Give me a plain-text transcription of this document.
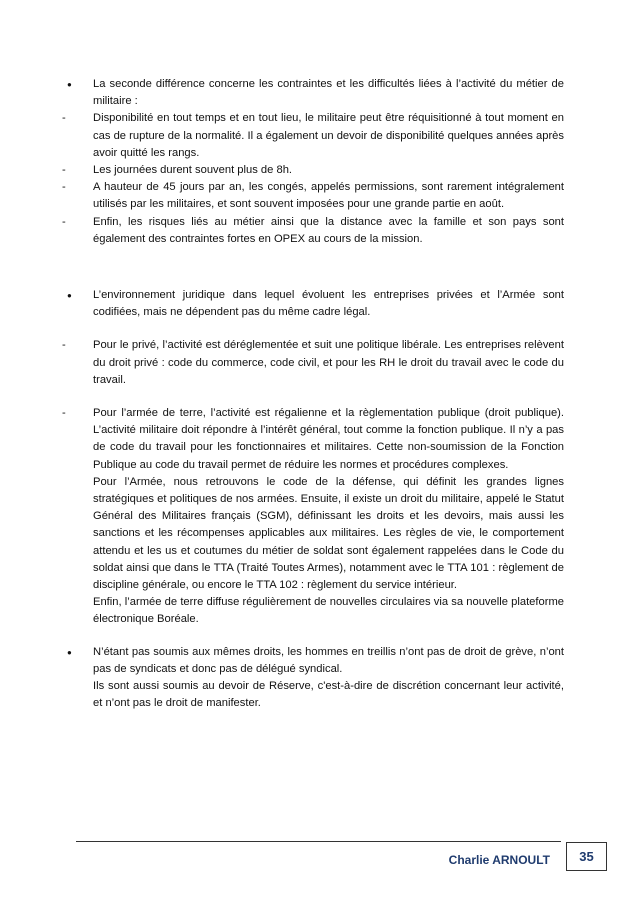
●
La seconde différence concerne les contraintes et les difficultés liées à l’activité du métier de militaire :
-	Disponibilité en tout temps et en tout lieu, le militaire peut être réquisitionné à tout moment en cas de rupture de la normalité. Il a également un devoir de disponibilité quelques années après avoir quitté les rangs.
-	Les journées durent souvent plus de 8h.
-	A hauteur de 45 jours par an, les congés, appelés permissions, sont rarement intégralement utilisés par les militaires, et sont souvent imposées pour une grande partie en août.
-	Enfin, les risques liés au métier ainsi que la distance avec la famille et son pays sont également des contraintes fortes en OPEX au cours de la mission.
●
L’environnement juridique dans lequel évoluent les entreprises privées et l’Armée sont codifiées, mais ne dépendent pas du même cadre légal.
-	Pour le privé, l’activité est déréglementée et suit une politique libérale. Les entreprises relèvent du droit privé : code du commerce, code civil, et pour les RH le droit du travail avec le code du travail.
-	Pour l’armée de terre, l’activité est régalienne et la règlementation publique (droit publique). L’activité militaire doit répondre à l’intérêt général, tout comme la fonction publique. Il n’y a pas de code du travail pour les fonctionnaires et militaires. Cette non-soumission de la Fonction Publique au code du travail permet de réduire les normes et procédures complexes.

Pour l’Armée, nous retrouvons le code de la défense, qui définit les grandes lignes stratégiques et politiques de nos armées. Ensuite, il existe un droit du militaire, appelé le Statut Général des Militaires français (SGM), définissant les droits et les devoirs, mais aussi les sanctions et les récompenses applicables aux militaires. Les règles de vie, le comportement attendu et les us et coutumes du métier de soldat sont également rappelées dans le Code du soldat ainsi que dans le TTA (Traité Toutes Armes), notamment avec le TTA 101 : règlement de discipline générale, ou encore le TTA 102 : règlement du service intérieur.

Enfin, l’armée de terre diffuse régulièrement de nouvelles circulaires via sa nouvelle plateforme électronique Boréale.

●

N’étant pas soumis aux mêmes droits, les hommes en treillis n’ont pas de droit de grève, n’ont pas de syndicats et donc pas de délégué syndical.

Ils sont aussi soumis au devoir de Réserve, c'est-à-dire de discrétion concernant leur activité, et n’ont pas le droit de manifester.

Charlie ARNOULT	35
